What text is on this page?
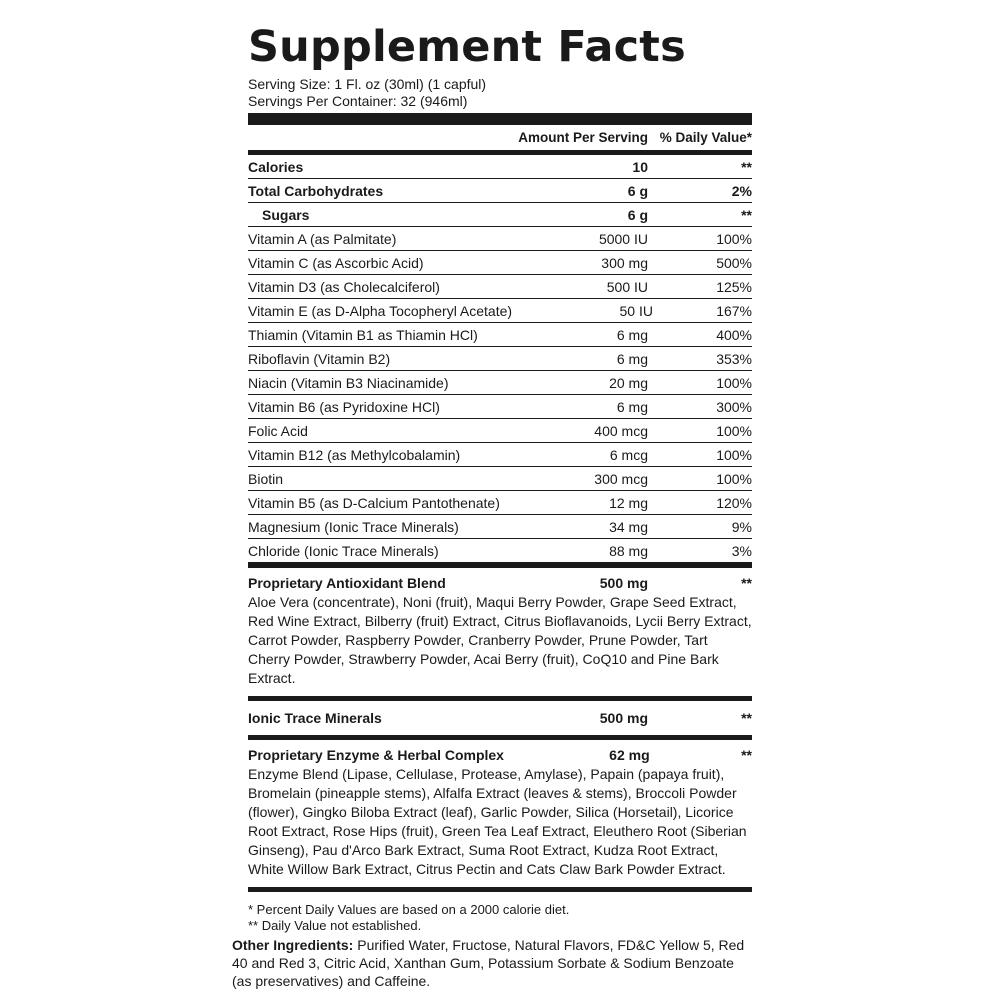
Supplement Facts
Serving Size: 1 Fl. oz (30ml) (1 capful)
Servings Per Container: 32 (946ml)
Amount Per Serving % Daily Value*
Calories	10	**
Total Carbohydrates	6 g	2%
Sugars	6 g	**
Vitamin A (as Palmitate)	5000 IU	100%
Vitamin C (as Ascorbic Acid)	300 mg	500%
Vitamin D3 (as Cholecalciferol)	500 IU	125%
Vitamin E (as D-Alpha Tocopheryl Acetate)	50 IU	167%
Thiamin (Vitamin B1 as Thiamin HCl)	6 mg	400%
Riboflavin (Vitamin B2)	6 mg	353%
Niacin (Vitamin B3 Niacinamide)	20 mg	100%
Vitamin B6 (as Pyridoxine HCl)	6 mg	300%
Folic Acid	400 mcg	100%
Vitamin B12 (as Methylcobalamin)	6 mcg	100%
Biotin	300 mcg	100%
Vitamin B5 (as D-Calcium Pantothenate)	12 mg	120%
Magnesium (Ionic Trace Minerals)	34 mg	9%
Chloride (Ionic Trace Minerals)	88 mg	3%
Proprietary Antioxidant Blend	500 mg	**

Aloe Vera (concentrate), Noni (fruit), Maqui Berry Powder, Grape Seed Extract, Red Wine Extract, Bilberry (fruit) Extract, Citrus Bioflavanoids, Lycii Berry Extract, Carrot Powder, Raspberry Powder, Cranberry Powder, Prune Powder, Tart Cherry Powder, Strawberry Powder, Acai Berry (fruit), CoQ10 and Pine Bark Extract.

Ionic Trace Minerals	500 mg	**
Proprietary Enzyme & Herbal Complex	62 mg	**

Enzyme Blend (Lipase, Cellulase, Protease, Amylase), Papain (papaya fruit), Bromelain (pineapple stems), Alfalfa Extract (leaves & stems), Broccoli Powder (flower), Gingko Biloba Extract (leaf), Garlic Powder, Silica (Horsetail), Licorice Root Extract, Rose Hips (fruit), Green Tea Leaf Extract, Eleuthero Root (Siberian Ginseng), Pau d'Arco Bark Extract, Suma Root Extract, Kudza Root Extract, White Willow Bark Extract, Citrus Pectin and Cats Claw Bark Powder Extract.

* Percent Daily Values are based on a 2000 calorie diet.
** Daily Value not established.
Other Ingredients: Purified Water, Fructose, Natural Flavors, FD&C Yellow 5, Red 40 and Red 3, Citric Acid, Xanthan Gum, Potassium Sorbate & Sodium Benzoate (as preservatives) and Caffeine.
